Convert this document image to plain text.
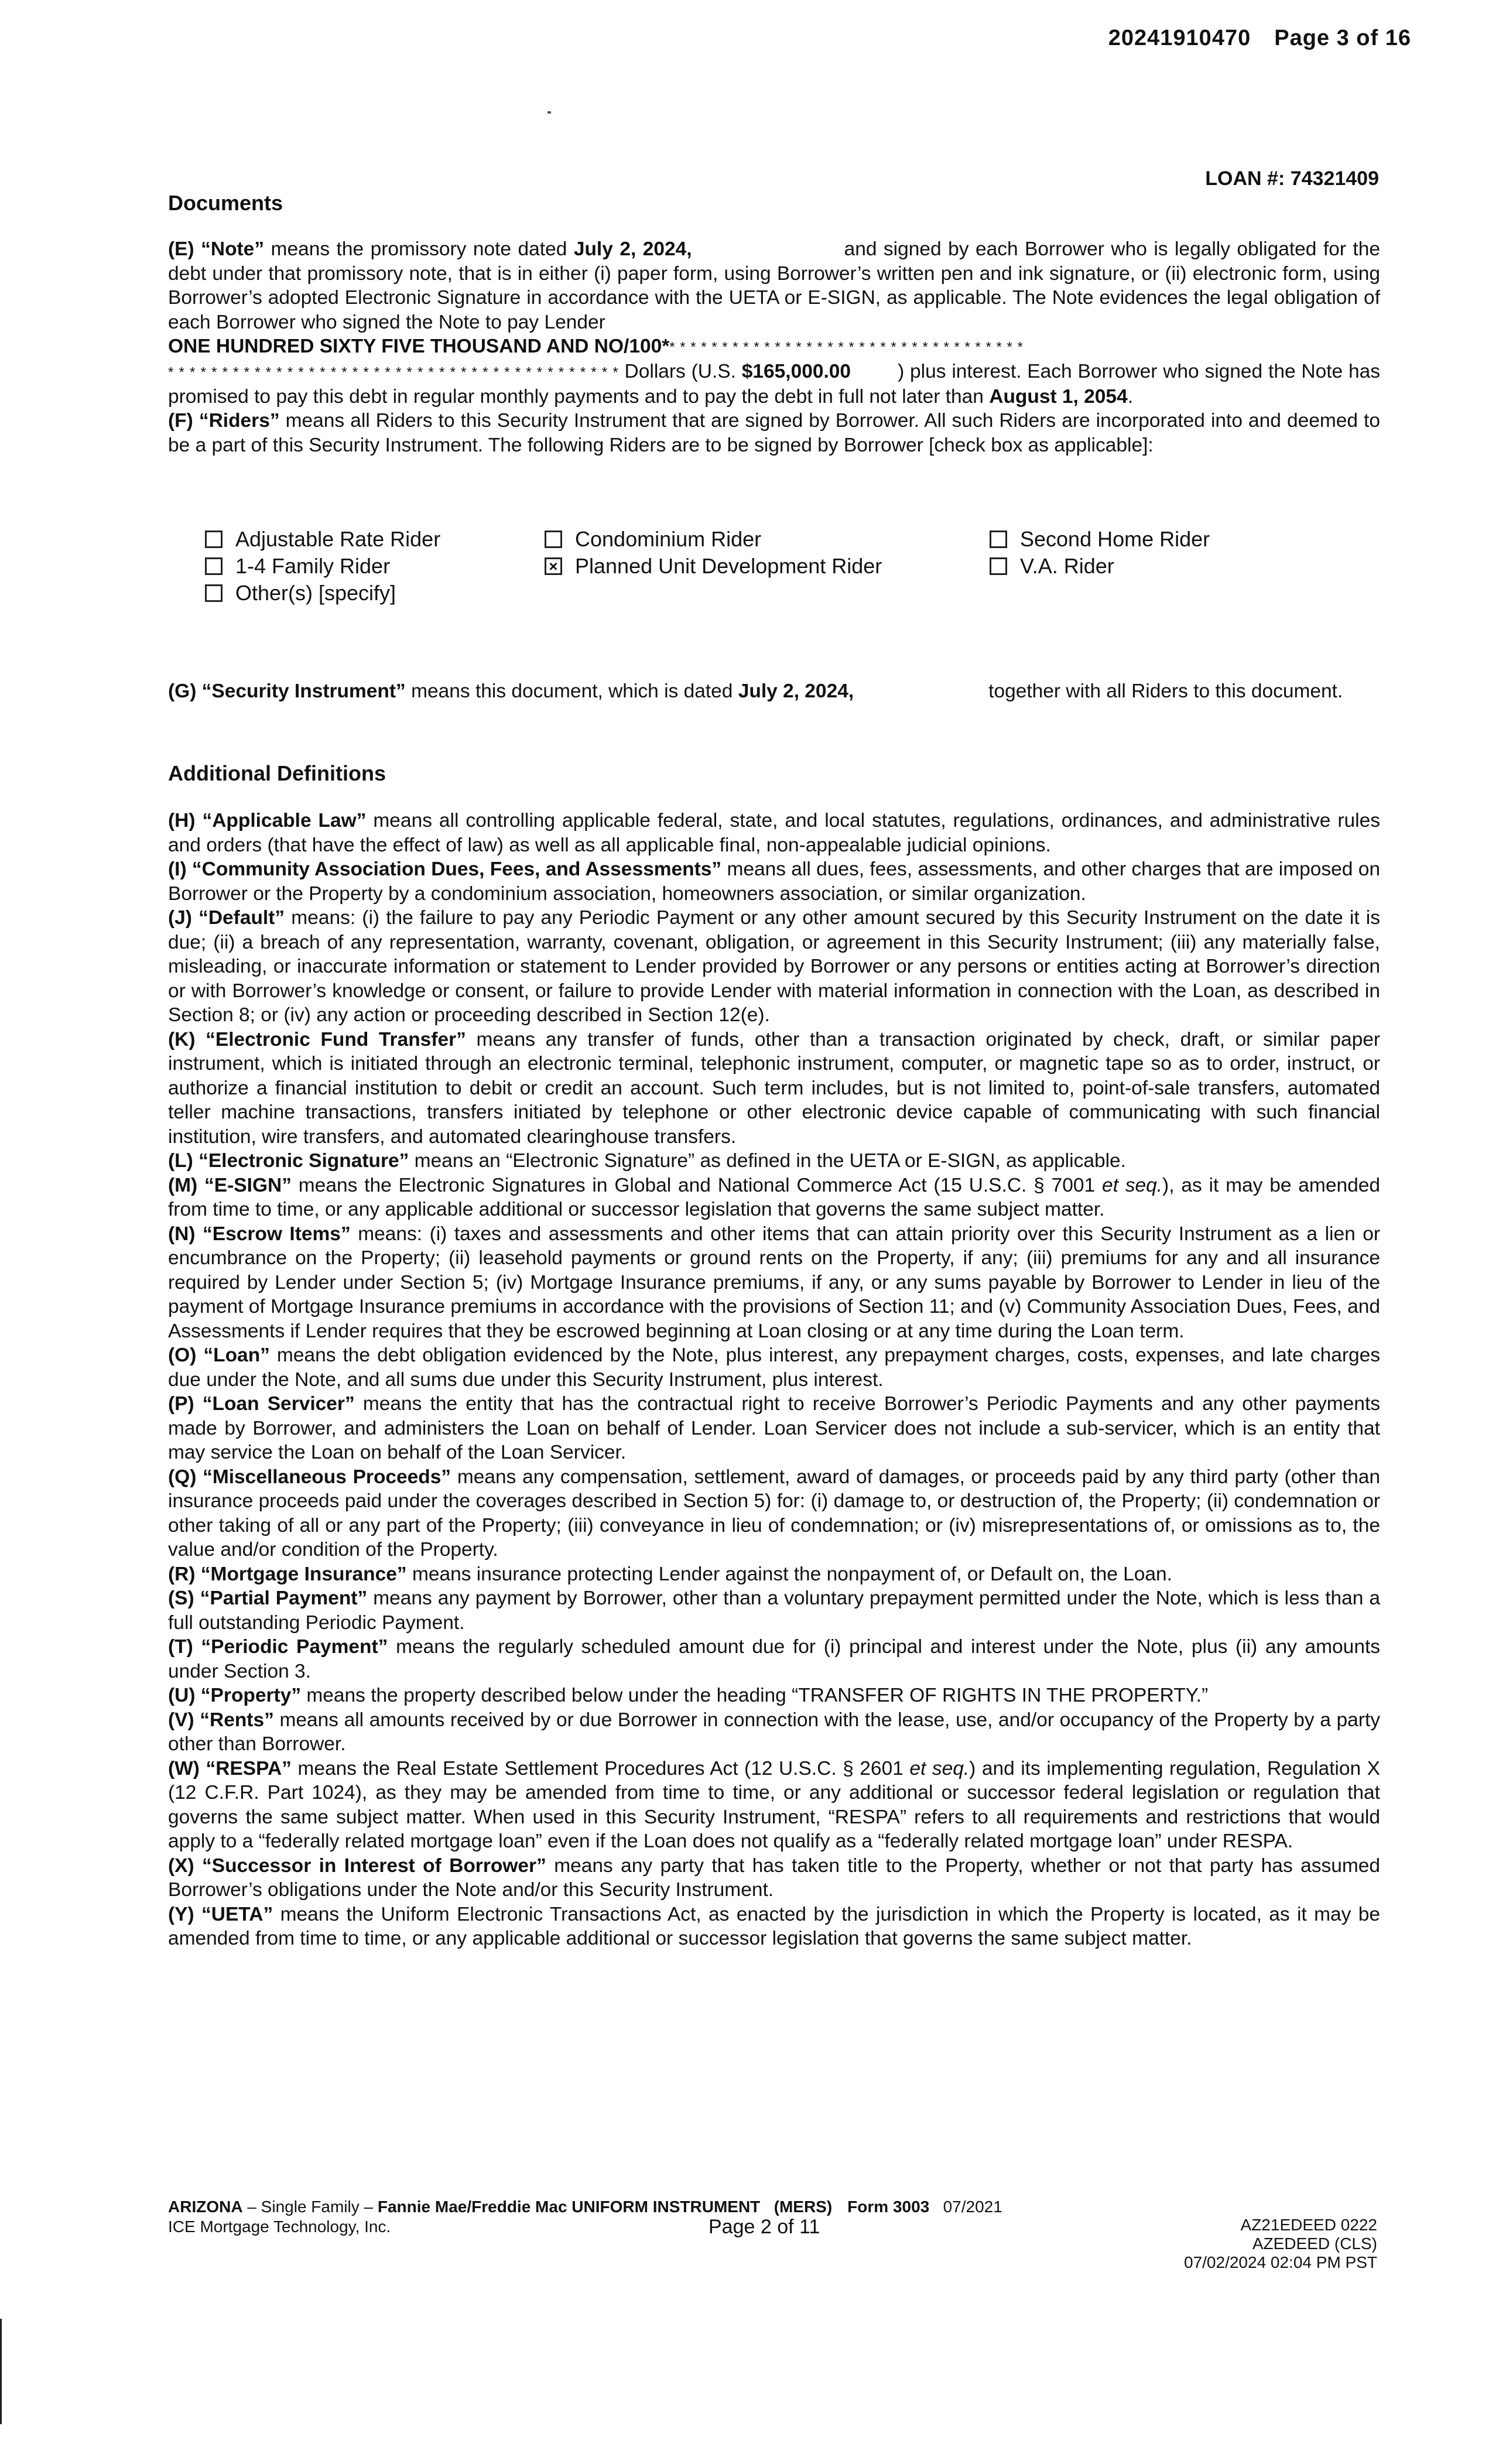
20241910470 Page 3 of 16
LOAN #: 74321409
Documents

(E) “Note” means the promissory note dated July 2, 2024,	and signed by each Borrower who is legally obligated for the debt under that promissory note, that is in either (i) paper form, using Borrower’s written pen and ink signature, or (ii) electronic form, using Borrower’s adopted Electronic Signature in accordance with the UETA or E-SIGN, as applicable. The Note evidences the legal obligation of each Borrower who signed the Note to pay Lender
ONE HUNDRED SIXTY FIVE THOUSAND AND NO/100** * * * * * * * * * * * * * * * * * * * * * * * * * * * * * * * * *
* * * * * * * * * * * * * * * * * * * * * * * * * * * * * * * * * * * * * * * * * * Dollars (U.S. $165,000.00 ) plus interest. Each Borrower who signed the Note has promised to pay this debt in regular monthly payments and to pay the debt in full not later than August 1, 2054.

(F) “Riders” means all Riders to this Security Instrument that are signed by Borrower. All such Riders are incorporated into and deemed to be a part of this Security Instrument. The following Riders are to be signed by Borrower [check box as applicable]:

Adjustable Rate Rider	Condominium Rider	Second Home Rider
1-4 Family Rider	× Planned Unit Development Rider	V.A. Rider
Other(s) [specify]

(G) “Security Instrument” means this document, which is dated July 2, 2024,	together with all Riders to this document.

Additional Definitions

(H) “Applicable Law” means all controlling applicable federal, state, and local statutes, regulations, ordinances, and administrative rules and orders (that have the effect of law) as well as all applicable final, non-appealable judicial opinions.

(I) “Community Association Dues, Fees, and Assessments” means all dues, fees, assessments, and other charges that are imposed on Borrower or the Property by a condominium association, homeowners association, or similar organization.

(J) “Default” means: (i) the failure to pay any Periodic Payment or any other amount secured by this Security Instrument on the date it is due; (ii) a breach of any representation, warranty, covenant, obligation, or agreement in this Security Instrument; (iii) any materially false, misleading, or inaccurate information or statement to Lender provided by Borrower or any persons or entities acting at Borrower’s direction or with Borrower’s knowledge or consent, or failure to provide Lender with material information in connection with the Loan, as described in Section 8; or (iv) any action or proceeding described in Section 12(e).

(K) “Electronic Fund Transfer” means any transfer of funds, other than a transaction originated by check, draft, or similar paper instrument, which is initiated through an electronic terminal, telephonic instrument, computer, or magnetic tape so as to order, instruct, or authorize a financial institution to debit or credit an account. Such term includes, but is not limited to, point-of-sale transfers, automated teller machine transactions, transfers initiated by telephone or other electronic device capable of communicating with such financial institution, wire transfers, and automated clearinghouse transfers.

(L) “Electronic Signature” means an “Electronic Signature” as defined in the UETA or E-SIGN, as applicable.

(M) “E-SIGN” means the Electronic Signatures in Global and National Commerce Act (15 U.S.C. § 7001 et seq.), as it may be amended from time to time, or any applicable additional or successor legislation that governs the same subject matter.

(N) “Escrow Items” means: (i) taxes and assessments and other items that can attain priority over this Security Instrument as a lien or encumbrance on the Property; (ii) leasehold payments or ground rents on the Property, if any; (iii) premiums for any and all insurance required by Lender under Section 5; (iv) Mortgage Insurance premiums, if any, or any sums payable by Borrower to Lender in lieu of the payment of Mortgage Insurance premiums in accordance with the provisions of Section 11; and (v) Community Association Dues, Fees, and Assessments if Lender requires that they be escrowed beginning at Loan closing or at any time during the Loan term.

(O) “Loan” means the debt obligation evidenced by the Note, plus interest, any prepayment charges, costs, expenses, and late charges due under the Note, and all sums due under this Security Instrument, plus interest.

(P) “Loan Servicer” means the entity that has the contractual right to receive Borrower’s Periodic Payments and any other payments made by Borrower, and administers the Loan on behalf of Lender. Loan Servicer does not include a sub-servicer, which is an entity that may service the Loan on behalf of the Loan Servicer.

(Q) “Miscellaneous Proceeds” means any compensation, settlement, award of damages, or proceeds paid by any third party (other than insurance proceeds paid under the coverages described in Section 5) for: (i) damage to, or destruction of, the Property; (ii) condemnation or other taking of all or any part of the Property; (iii) conveyance in lieu of condemnation; or (iv) misrepresentations of, or omissions as to, the value and/or condition of the Property.

(R) “Mortgage Insurance” means insurance protecting Lender against the nonpayment of, or Default on, the Loan.

(S) “Partial Payment” means any payment by Borrower, other than a voluntary prepayment permitted under the Note, which is less than a full outstanding Periodic Payment.

(T) “Periodic Payment” means the regularly scheduled amount due for (i) principal and interest under the Note, plus (ii) any amounts under Section 3.

(U) “Property” means the property described below under the heading “TRANSFER OF RIGHTS IN THE PROPERTY.”

(V) “Rents” means all amounts received by or due Borrower in connection with the lease, use, and/or occupancy of the Property by a party other than Borrower.

(W) “RESPA” means the Real Estate Settlement Procedures Act (12 U.S.C. § 2601 et seq.) and its implementing regulation, Regulation X (12 C.F.R. Part 1024), as they may be amended from time to time, or any additional or successor federal legislation or regulation that governs the same subject matter. When used in this Security Instrument, “RESPA” refers to all requirements and restrictions that would apply to a “federally related mortgage loan” even if the Loan does not qualify as a “federally related mortgage loan” under RESPA.

(X) “Successor in Interest of Borrower” means any party that has taken title to the Property, whether or not that party has assumed Borrower’s obligations under the Note and/or this Security Instrument.

(Y) “UETA” means the Uniform Electronic Transactions Act, as enacted by the jurisdiction in which the Property is located, as it may be amended from time to time, or any applicable additional or successor legislation that governs the same subject matter.

ARIZONA – Single Family – Fannie Mae/Freddie Mac UNIFORM INSTRUMENT (MERS) Form 3003 07/2021
ICE Mortgage Technology, Inc.	Page 2 of 11	AZ21EDEED 0222
AZEDEED (CLS)
07/02/2024 02:04 PM PST
